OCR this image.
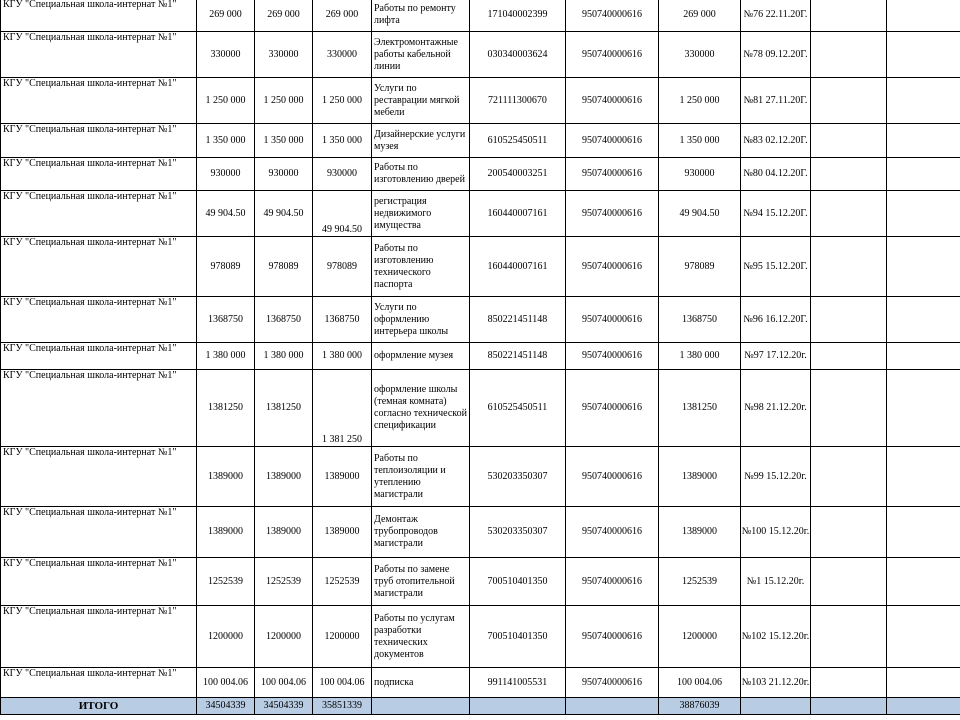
КГУ "Специальная школа-интернат №1"	269 000	269 000	269 000	Работы по ремонту лифта	171040002399	950740000616	269 000	№76 22.11.20Г.		
КГУ "Специальная школа-интернат №1"	330000	330000	330000	Электромонтажные работы кабельной линии	030340003624	950740000616	330000	№78 09.12.20Г.		
КГУ "Специальная школа-интернат №1"	1 250 000	1 250 000	1 250 000	Услуги по реставрации мягкой мебели	721111300670	950740000616	1 250 000	№81 27.11.20Г.		
КГУ "Специальная школа-интернат №1"	1 350 000	1 350 000	1 350 000	Дизайнерские услуги музея	610525450511	950740000616	1 350 000	№83 02.12.20Г.		
КГУ "Специальная школа-интернат №1"	930000	930000	930000	Работы по изготовлению дверей	200540003251	950740000616	930000	№80 04.12.20Г.		
КГУ "Специальная школа-интернат №1"	49 904.50	49 904.50	49 904.50	регистрация недвижимого имущества	160440007161	950740000616	49 904.50	№94 15.12.20Г.		
КГУ "Специальная школа-интернат №1"	978089	978089	978089	Работы по изготовлению технического паспорта	160440007161	950740000616	978089	№95 15.12.20Г.		
КГУ "Специальная школа-интернат №1"	1368750	1368750	1368750	Услуги по оформлению интерьера школы	850221451148	950740000616	1368750	№96 16.12.20Г.		
КГУ "Специальная школа-интернат №1"	1 380 000	1 380 000	1 380 000	оформление музея	850221451148	950740000616	1 380 000	№97 17.12.20г.		
КГУ "Специальная школа-интернат №1"	1381250	1381250	1 381 250	оформление школы (темная комната) согласно технической спецификации	610525450511	950740000616	1381250	№98 21.12.20г.		
КГУ "Специальная школа-интернат №1"	1389000	1389000	1389000	Работы по теплоизоляции и утеплению магистрали	530203350307	950740000616	1389000	№99 15.12.20г.		
КГУ "Специальная школа-интернат №1"	1389000	1389000	1389000	Демонтаж трубопроводов магистрали	530203350307	950740000616	1389000	№100 15.12.20г.		
КГУ "Специальная школа-интернат №1"	1252539	1252539	1252539	Работы по замене труб отопительной магистрали	700510401350	950740000616	1252539	№1 15.12.20г.		
КГУ "Специальная школа-интернат №1"	1200000	1200000	1200000	Работы по услугам разработки технических документов	700510401350	950740000616	1200000	№102 15.12.20г.		
КГУ "Специальная школа-интернат №1"	100 004.06	100 004.06	100 004.06	подписка	991141005531	950740000616	100 004.06	№103 21.12.20г.		
ИТОГО	34504339	34504339	35851339				38876039			
